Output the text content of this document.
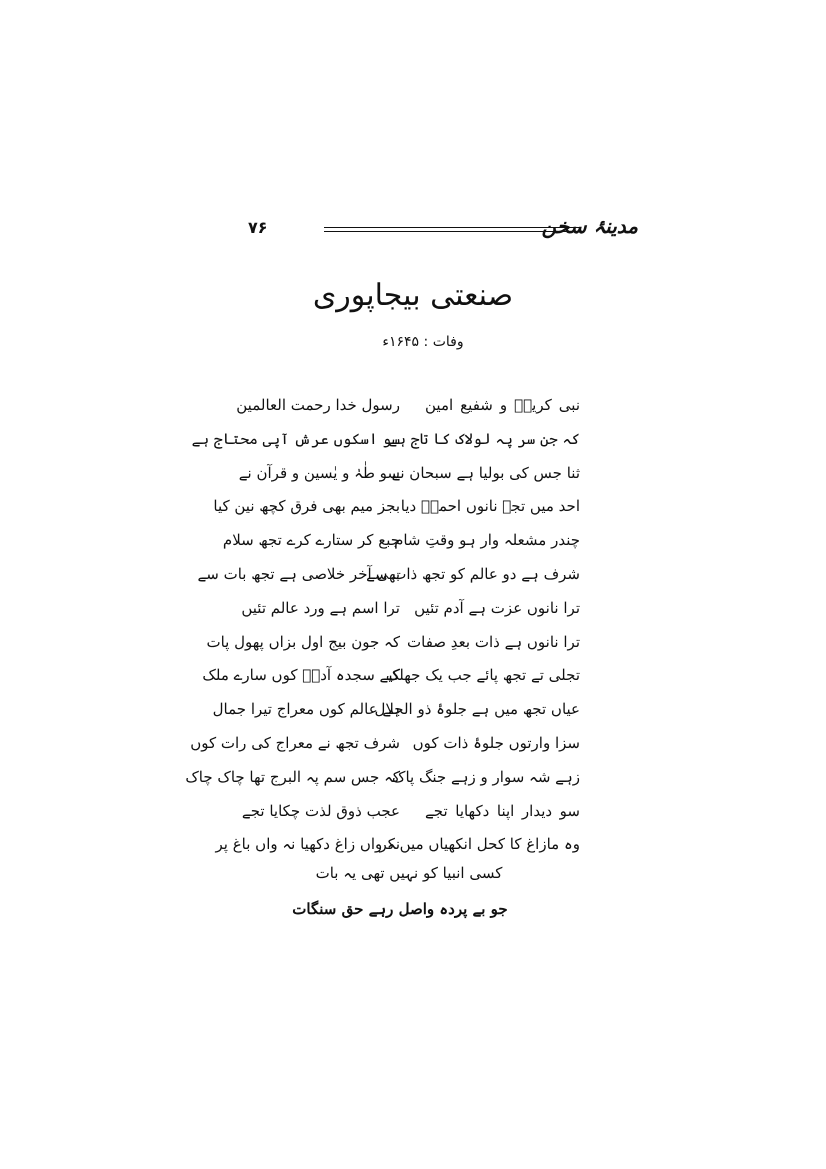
۷۶	مدینۂ سخن
صنعتی بیجاپوری
وفات : ۱۶۴۵ء
نبی کریمؐ و شفیع امین
رسول خدا رحمت العالمین
کہ جن سر پہ لولاک کا تاج ہے
سو اسکوں عرش آپی محتاج ہے
ثنا جس کی بولیا ہے سبحان نے
سو طٰہٰ و یٰسین و قرآن نے
احد میں تجے نانوں احمدؐ دیا
بجز میم بھی فرق کچھ نین کیا
چندر مشعلہ وار ہو وقتِ شام
جبع کر ستارے کرے تجھ سلام
شرف ہے دو عالم کو تجھ ذات سے
بھی آخر خلاصی ہے تجھ بات سے
ترا نانوں عزت ہے آدم تئیں
ترا اسم ہے ورد عالم تئیں
ترا نانوں ہے ذات بعدِ صفات
کہ جون بیج اول بزاں پھول پات
تجلی تے تجھ پائے جب یک جھلک
کیے سجدہ آدمؑ کوں سارے ملک
عیاں تجھ میں ہے جلوۂ ذو الجلال
ہے عالم کوں معراج تیرا جمال
سزا وارتوں جلوۂ ذات کوں
شرف تجھ نے معراج کی رات کوں
زہے شہ سوار و زہے جنگ پاک
کہ جس سم پہ البرج تھا چاک چاک
سو دیدار اپنا دکھایا تجے
عجب ذوق لذت چکایا تجے
وہ مازاغ کا کحل انکھیاں میں کر
نہ واں زاغ دکھیا نہ واں باغ پر
کسی انبیا کو نہیں تھی یہ بات
جو بے پردہ واصل رہے حق سنگات
